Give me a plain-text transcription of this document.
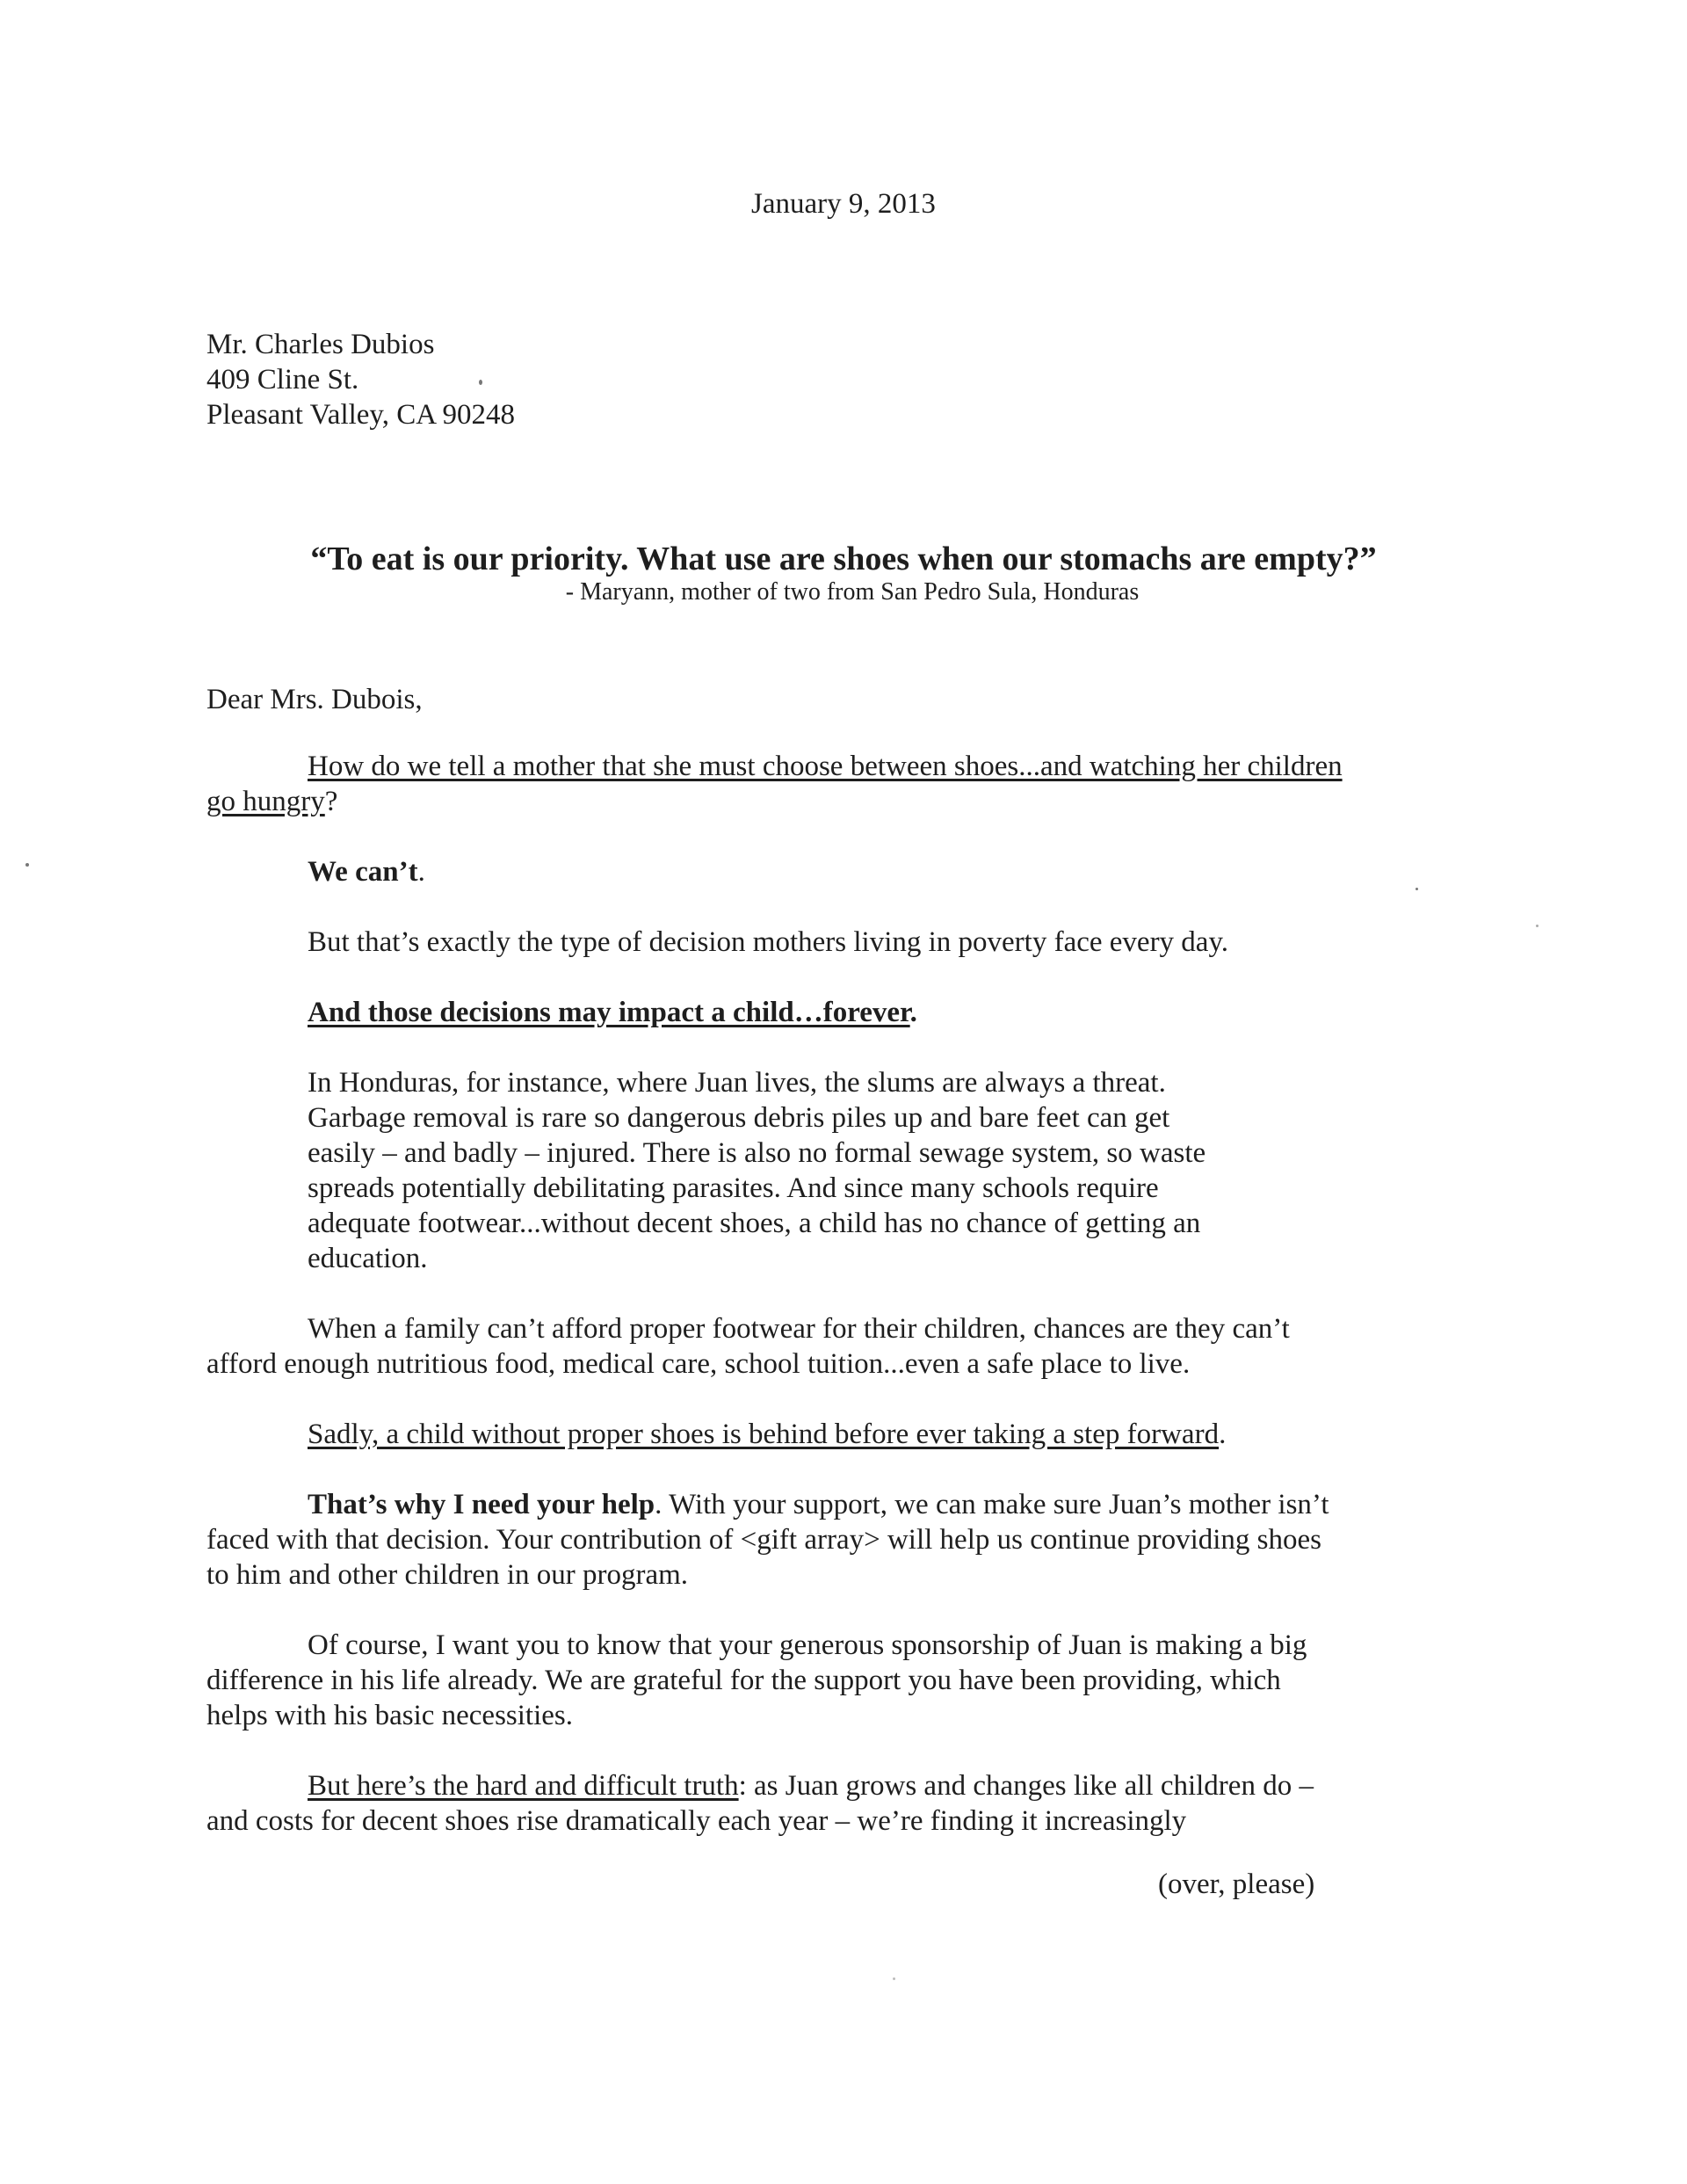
January 9, 2013
Mr. Charles Dubios
409 Cline St.
Pleasant Valley, CA 90248
“To eat is our priority. What use are shoes when our stomachs are empty?”
- Maryann, mother of two from San Pedro Sula, Honduras
Dear Mrs. Dubois,

How do we tell a mother that she must choose between shoes...and watching her children go hungry?

We can’t.

But that’s exactly the type of decision mothers living in poverty face every day.

And those decisions may impact a child…forever.

In Honduras, for instance, where Juan lives, the slums are always a threat. Garbage removal is rare so dangerous debris piles up and bare feet can get easily – and badly – injured. There is also no formal sewage system, so waste spreads potentially debilitating parasites. And since many schools require adequate footwear...without decent shoes, a child has no chance of getting an education.

When a family can’t afford proper footwear for their children, chances are they can’t afford enough nutritious food, medical care, school tuition...even a safe place to live.

Sadly, a child without proper shoes is behind before ever taking a step forward.

That’s why I need your help. With your support, we can make sure Juan’s mother isn’t faced with that decision. Your contribution of <gift array> will help us continue providing shoes to him and other children in our program.

Of course, I want you to know that your generous sponsorship of Juan is making a big difference in his life already. We are grateful for the support you have been providing, which helps with his basic necessities.

But here’s the hard and difficult truth: as Juan grows and changes like all children do – and costs for decent shoes rise dramatically each year – we’re finding it increasingly

(over, please)
